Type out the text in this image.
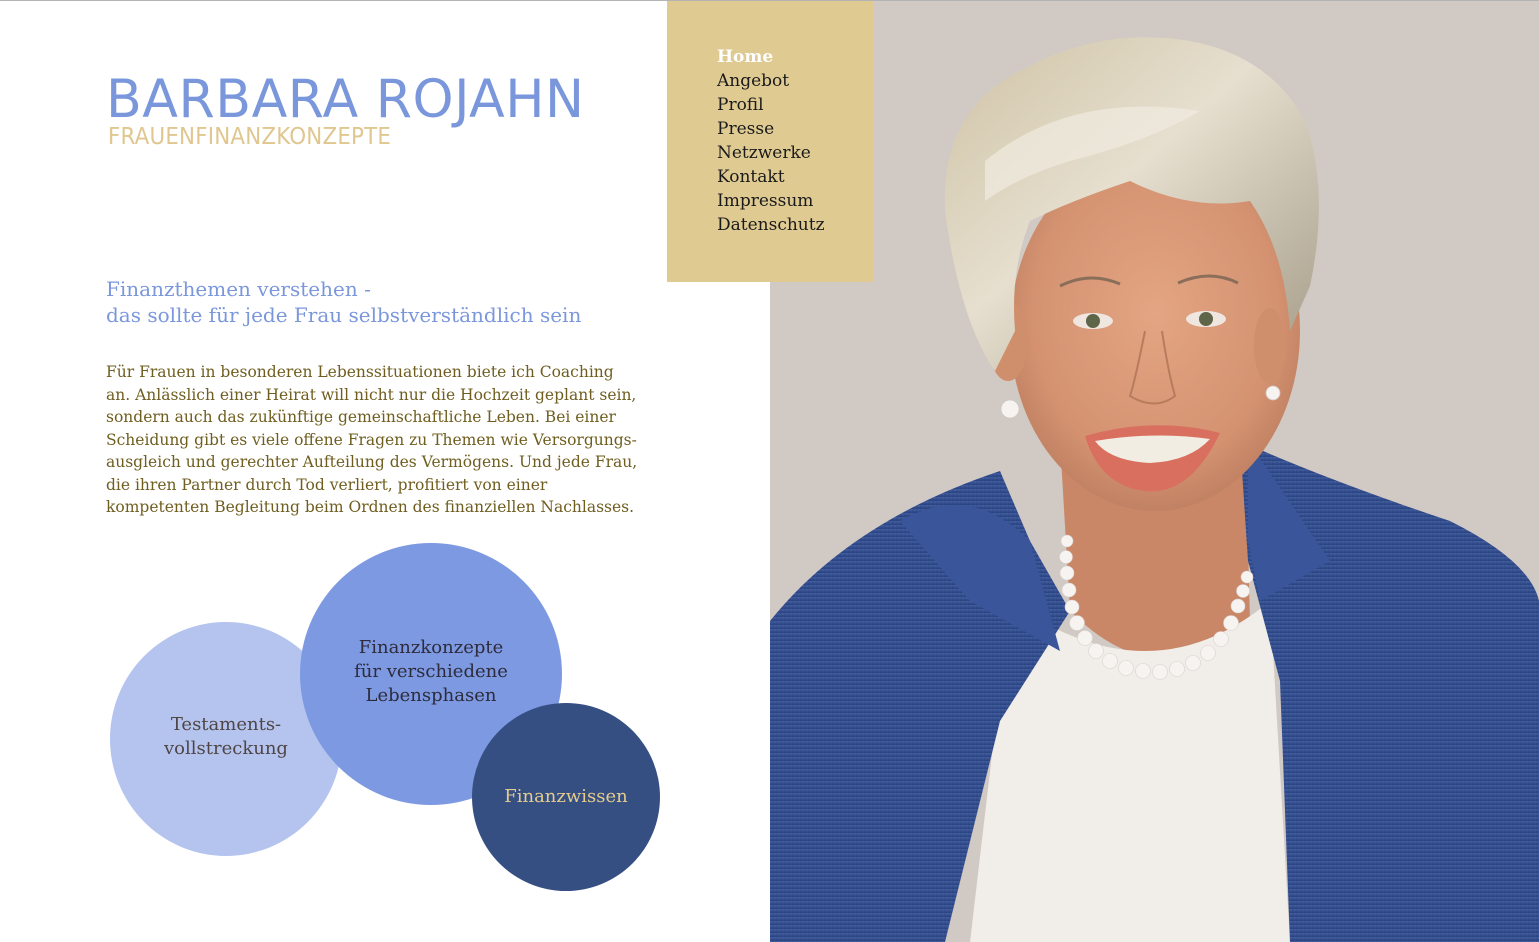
BARBARA ROJAHN
FRAUENFINANZKONZEPTE
Home
Angebot
Profil
Presse
Netzwerke
Kontakt
Impressum
Datenschutz
Finanzthemen verstehen -
das sollte für jede Frau selbstverständlich sein

Für Frauen in besonderen Lebenssituationen biete ich Coaching
an. Anlässlich einer Heirat will nicht nur die Hochzeit geplant sein,
sondern auch das zukünftige gemeinschaftliche Leben. Bei einer
Scheidung gibt es viele offene Fragen zu Themen wie Versorgungs-
ausgleich und gerechter Aufteilung des Vermögens. Und jede Frau,
die ihren Partner durch Tod verliert, profitiert von einer
kompetenten Begleitung beim Ordnen des finanziellen Nachlasses.

Testaments-
vollstreckung
Finanzkonzepte
für verschiedene
Lebensphasen
Finanzwissen
